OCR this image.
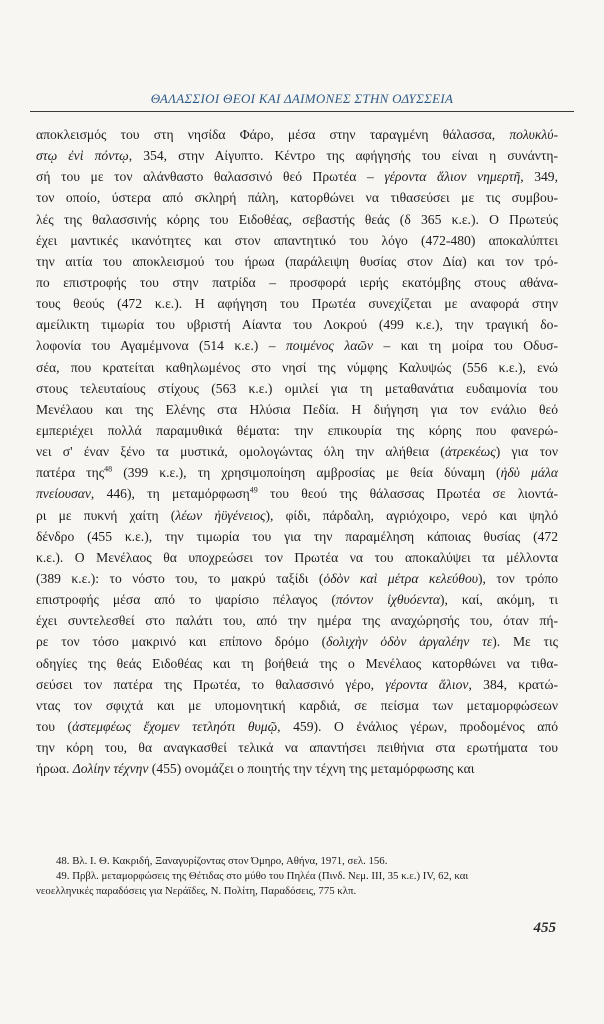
ΘΑΛΑΣΣΙΟΙ ΘΕΟΙ ΚΑΙ ΔΑΙΜΟΝΕΣ ΣΤΗΝ ΟΔΥΣΣΕΙΑ
αποκλεισμός του στη νησίδα Φάρο, μέσα στην ταραγμένη θάλασσα, πολυκλύ-
στῳ ἐνὶ πόντῳ, 354, στην Αίγυπτο. Κέντρο της αφήγησής του είναι η συνάντη-
σή του με τον αλάνθαστο θαλασσινό θεό Πρωτέα – γέροντα ἅλιον νημερτῆ, 349,
τον οποίο, ύστερα από σκληρή πάλη, κατορθώνει να τιθασεύσει με τις συμβου-
λές της θαλασσινής κόρης του Ειδοθέας, σεβαστής θεάς (δ 365 κ.ε.). Ο Πρωτεύς
έχει μαντικές ικανότητες και στον απαντητικό του λόγο (472-480) αποκαλύπτει
την αιτία του αποκλεισμού του ήρωα (παράλειψη θυσίας στον Δία) και τον τρό-
πο επιστροφής του στην πατρίδα – προσφορά ιερής εκατόμβης στους αθάνα-
τους θεούς (472 κ.ε.). Η αφήγηση του Πρωτέα συνεχίζεται με αναφορά στην
αμείλικτη τιμωρία του υβριστή Αίαντα του Λοκρού (499 κ.ε.), την τραγική δο-
λοφονία του Αγαμέμνονα (514 κ.ε.) – ποιμένος λαῶν – και τη μοίρα του Οδυσ-
σέα, που κρατείται καθηλωμένος στο νησί της νύμφης Καλυψώς (556 κ.ε.), ενώ
στους τελευταίους στίχους (563 κ.ε.) ομιλεί για τη μεταθανάτια ευδαιμονία του
Μενέλαου και της Ελένης στα Ηλύσια Πεδία. Η διήγηση για τον ενάλιο θεό
εμπεριέχει πολλά παραμυθικά θέματα: την επικουρία της κόρης που φανερώ-
νει σ' έναν ξένο τα μυστικά, ομολογώντας όλη την αλήθεια (ἀτρεκέως) για τον
πατέρα της$^{48}$ (399 κ.ε.), τη χρησιμοποίηση αμβροσίας με θεία δύναμη (ἡδὺ μάλα
πνείουσαν, 446), τη μεταμόρφωση$^{49}$ του θεού της θάλασσας Πρωτέα σε λιοντά-
ρι με πυκνή χαίτη (λέων ἠϋγένειος), φίδι, πάρδαλη, αγριόχοιρο, νερό και ψηλό
δένδρο (455 κ.ε.), την τιμωρία του για την παραμέληση κάποιας θυσίας (472
κ.ε.). Ο Μενέλαος θα υποχρεώσει τον Πρωτέα να του αποκαλύψει τα μέλλοντα
(389 κ.ε.): το νόστο του, το μακρύ ταξίδι (ὁδὸν καὶ μέτρα κελεύθου), τον τρόπο
επιστροφής μέσα από το ψαρίσιο πέλαγος (πόντον ἰχθυόεντα), καί, ακόμη, τι
έχει συντελεσθεί στο παλάτι του, από την ημέρα της αναχώρησής του, όταν πή-
ρε τον τόσο μακρινό και επίπονο δρόμο (δολιχὴν ὁδὸν ἀργαλέην τε). Με τις
οδηγίες της θεάς Ειδοθέας και τη βοήθειά της ο Μενέλαος κατορθώνει να τιθα-
σεύσει τον πατέρα της Πρωτέα, το θαλασσινό γέρο, γέροντα ἅλιον, 384, κρατώ-
ντας τον σφιχτά και με υπομονητική καρδιά, σε πείσμα των μεταμορφώσεων
του (ἀστεμφέως ἔχομεν τετληότι θυμῷ, 459). Ο ἐνάλιος γέρων, προδομένος από
την κόρη του, θα αναγκασθεί τελικά να απαντήσει πειθήνια στα ερωτήματα του
ήρωα. Δολίην τέχνην (455) ονομάζει ο ποιητής την τέχνη της μεταμόρφωσης και
48. Βλ. Ι. Θ. Κακριδή, Ξαναγυρίζοντας στον Όμηρο, Αθήνα, 1971, σελ. 156.
49. Πρβλ. μεταμορφώσεις της Θέτιδας στο μύθο του Πηλέα (Πινδ. Νεμ. ΙΙΙ, 35 κ.ε.) IV, 62, και
νεοελληνικές παραδόσεις για Νεράϊδες, Ν. Πολίτη, Παραδόσεις, 775 κλπ.
455
